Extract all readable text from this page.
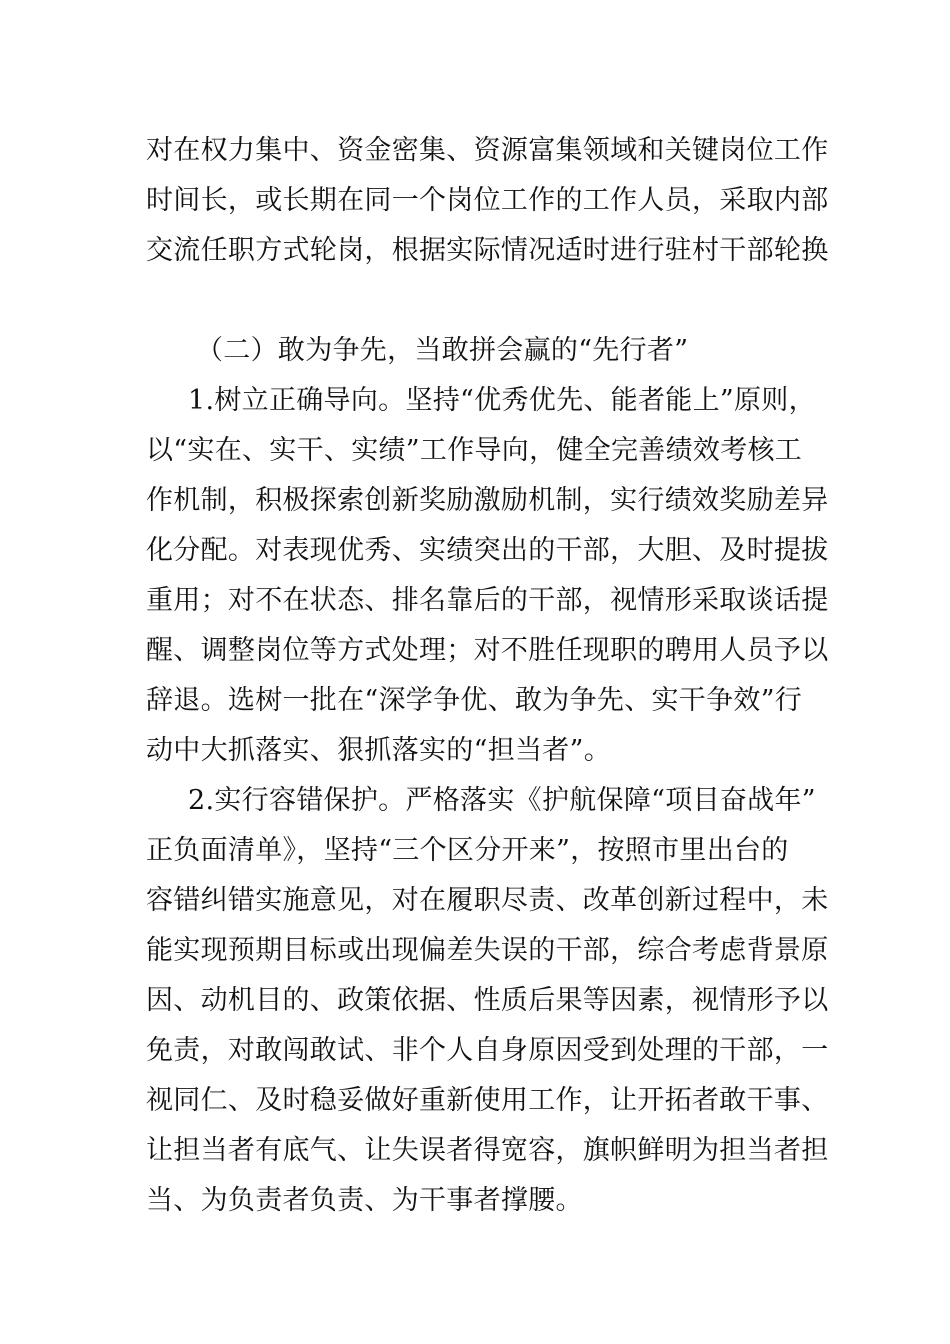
对在权力集中、资金密集、资源富集领域和关键岗位工作
时间长，或长期在同一个岗位工作的工作人员，采取内部
交流任职方式轮岗，根据实际情况适时进行驻村干部轮换
（二）敢为争先，当敢拼会赢的“先行者”
1.树立正确导向。坚持“优秀优先、能者能上”原则，
以“实在、实干、实绩”工作导向，健全完善绩效考核工
作机制，积极探索创新奖励激励机制，实行绩效奖励差异
化分配。对表现优秀、实绩突出的干部，大胆、及时提拔
重用；对不在状态、排名靠后的干部，视情形采取谈话提
醒、调整岗位等方式处理；对不胜任现职的聘用人员予以
辞退。选树一批在“深学争优、敢为争先、实干争效”行
动中大抓落实、狠抓落实的“担当者”。
2.实行容错保护。严格落实《护航保障“项目奋战年”
正负面清单》，坚持“三个区分开来”，按照市里出台的
容错纠错实施意见，对在履职尽责、改革创新过程中，未
能实现预期目标或出现偏差失误的干部，综合考虑背景原
因、动机目的、政策依据、性质后果等因素，视情形予以
免责，对敢闯敢试、非个人自身原因受到处理的干部，一
视同仁、及时稳妥做好重新使用工作，让开拓者敢干事、
让担当者有底气、让失误者得宽容，旗帜鲜明为担当者担
当、为负责者负责、为干事者撑腰。
